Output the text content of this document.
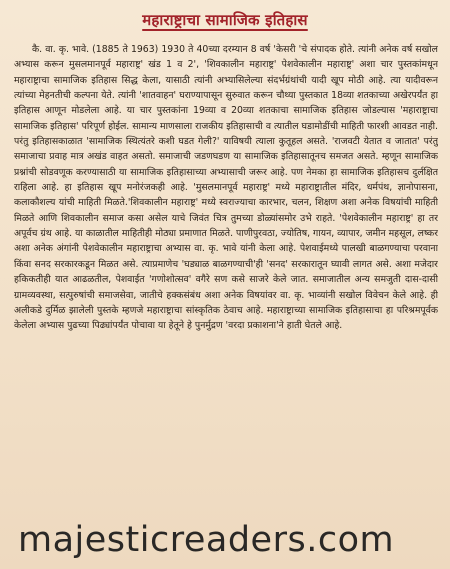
महाराष्ट्राचा सामाजिक इतिहास

कै. वा. कृ. भावे. (1885 ते 1963) 1930 ते 40च्या दरम्यान 8 वर्ष 'केसरी 'चे संपादक होते. त्यांनी अनेक वर्ष सखोल अभ्यास करून मुसलमानपूर्व महाराष्ट्र' खंड 1 व 2', 'शिवकालीन महाराष्ट्र' पेशवेकालीन महाराष्ट्र' अशा चार पुस्तकांमधून महाराष्ट्राचा सामाजिक इतिहास सिद्ध केला, यासाठी त्यांनी अभ्यासिलेल्या संदर्भग्रंथांची यादी खूप मोठी आहे. त्या यादीवरून त्यांच्या मेहनतीची कल्पना येते. त्यांनी 'शातवाहन' घराण्यापासून सुरुवात करून चौथ्या पुस्तकात 18व्या शतकाच्या अखेरपर्यंत हा इतिहास आणून मोडलेला आहे. या चार पुस्तकांना 19व्या व 20व्या शतकाचा सामाजिक इतिहास जोडल्यास 'महाराष्ट्राचा सामाजिक इतिहास' परिपूर्ण होईल. सामान्य माणसाला राजकीय इतिहासाची व त्यातील घडामोडींची माहिती फारशी आवडत नाही. परंतु इतिहासकाळात 'सामाजिक स्थित्यंतरे कशी घडत गेली?' याविषयी त्याला कुतूहल असते. 'राजवटी येतात व जातात' परंतु समाजाचा प्रवाह मात्र अखंड वाहत असतो. समाजाची जडणघडण या सामाजिक इतिहासातूनच समजत असते. म्हणून सामाजिक प्रश्नांची सोडवणूक करण्यासाठी या सामाजिक इतिहासाच्या अभ्यासाची जरूर आहे. पण नेमका हा सामाजिक इतिहासच दुर्लक्षित राहिला आहे. हा इतिहास खूप मनोरंजकही आहे. 'मुसलमानपूर्व महाराष्ट्र' मध्ये महाराष्ट्रातील मंदिर, धर्मपंथ, ज्ञानोपासना, कलाकौशल्य यांची माहिती मिळते.'शिवकालीन महाराष्ट्र' मध्ये स्वराज्याचा कारभार, चलन, शिक्षण अशा अनेक विषयांची माहिती मिळते आणि शिवकालीन समाज कसा असेल याचे जिवंत चित्र तुमच्या डोळ्यांसमोर उभे राहते. 'पेशवेकालीन महाराष्ट्र' हा तर अपूर्वच ग्रंथ आहे. या काळातील माहितीही मोठ्या प्रमाणात मिळते. पाणीपुरवठा, ज्योतिष, गायन, व्यापार, जमीन महसूल, लष्कर अशा अनेक अंगांनी पेशवेकालीन महाराष्ट्राचा अभ्यास वा. कृ. भावे यांनी केला आहे. पेशवाईमध्ये पालखी बाळगण्याचा परवाना किंवा सनद सरकारकडून मिळत असे. त्याप्रमाणेच 'घड्याळ बाळगण्याची'ही 'सनद' सरकारातून घ्यावी लागत असे. अशा मजेदार हकिकतीही यात आढळतील, पेशवाईत 'गणोशोत्सव' वगैरे सण कसे साजरे केले जात. समाजातील अन्य समजुती दास-दासी ग्रामव्यवस्था, सत्पुरुषांची समाजसेवा, जातीचे हक्कसंबंध अशा अनेक विषयांवर वा. कृ. भाव्यांनी सखोल विवेचन केले आहे. ही अलीकडे दुर्मिळ झालेली पुस्तके म्हणजे महाराष्ट्राचा सांस्कृतिक ठेवाच आहे. महाराष्ट्राच्या सामाजिक इतिहासाचा हा परिश्रमपूर्वक केलेला अभ्यास पुढच्या पिढ्यांपर्यंत पोचावा या हेतूने हे पुनर्मुद्रण 'वरदा प्रकाशना'ने हाती घेतले आहे.

majesticreaders.com
